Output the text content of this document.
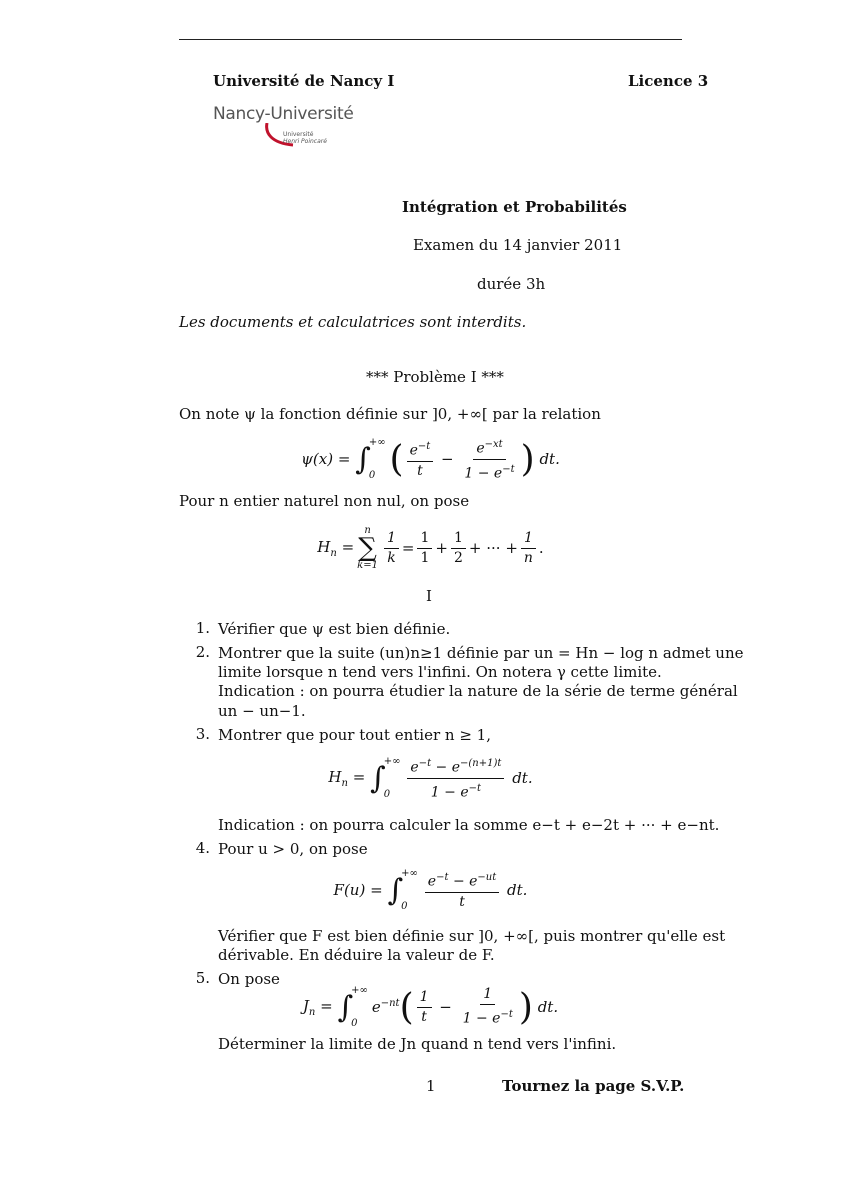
Université de Nancy I	Licence 3
Nancy-Université
Université
Henri Poincaré
Intégration et Probabilités
Examen du 14 janvier 2011
durée 3h
Les documents et calculatrices sont interdits.
*** Problème I ***
On note ψ la fonction définie sur ]0, +∞[ par la relation
ψ(x) = ∫
+∞
0 ( $\frac{e^{-t}}{t} - \frac{e^{-xt}}{1 - e^{-t}}$ ) dt.
Pour n entier naturel non nul, on pose
$H_n$ =
n
∑
$k=1 \frac{1}{k} = \frac{1}{1} + \frac{1}{2}$ + ··· + $\frac{1}{n}$ .
I
1. Vérifier que ψ est bien définie.
2. Montrer que la suite (un)n≥1 définie par un = Hn − log n admet une
limite lorsque n tend vers l'infini. On notera γ cette limite.
Indication : on pourra étudier la nature de la série de terme général
un − un−1.
3. Montrer que pour tout entier n ≥ 1,
$H_n$ = ∫
+∞
0	$\frac{e^{-t} - e^{-(n+1)t}}{1 - e^{-t}}$ dt.
Indication : on pourra calculer la somme e−t + e−2t + ··· + e−nt.
4. Pour u > 0, on pose
F(u) = ∫
+∞
0	$\frac{e^{-t} - e^{-ut}}{t}$ dt.
Vérifier que F est bien définie sur ]0, +∞[, puis montrer qu'elle est
dérivable. En déduire la valeur de F.
5. On pose
$J_n$ = ∫
+∞
0
$e^{-nt}$ ( $\frac{1}{t} - \frac{1}{1 - e^{-t}}$ ) dt.
Déterminer la limite de Jn quand n tend vers l'infini.
1	Tournez la page S.V.P.
